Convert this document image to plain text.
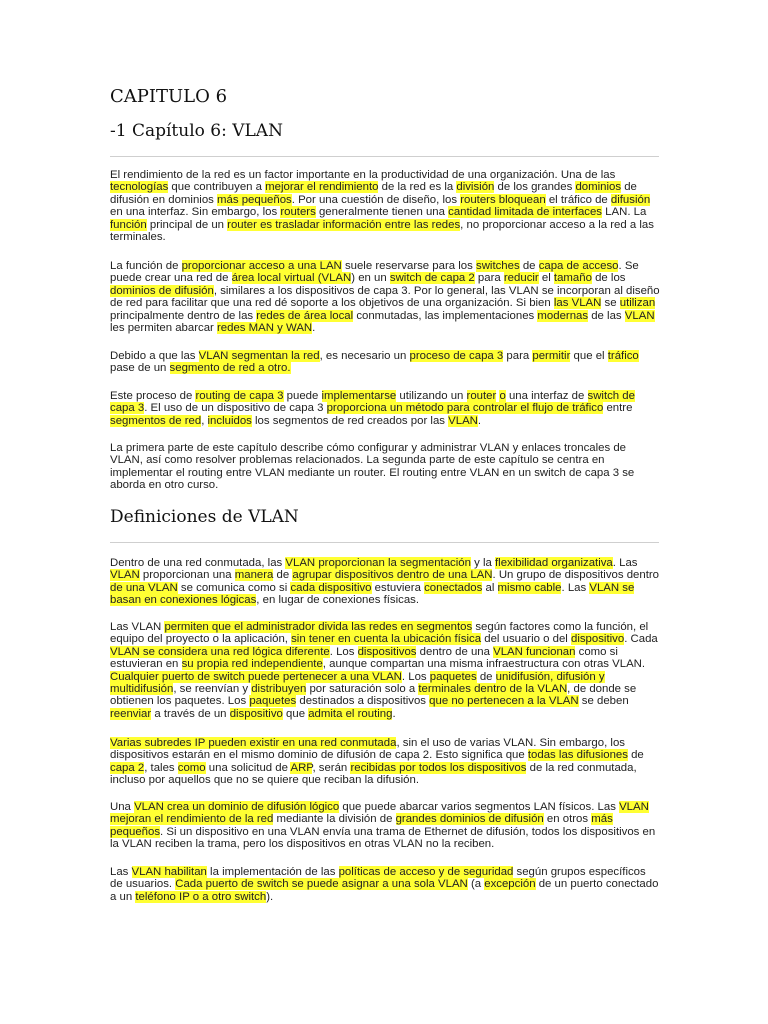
CAPITULO 6
-1 Capítulo 6: VLAN

El rendimiento de la red es un factor importante en la productividad de una organización. Una de las tecnologías que contribuyen a mejorar el rendimiento de la red es la división de los grandes dominios de difusión en dominios más pequeños. Por una cuestión de diseño, los routers bloquean el tráfico de difusión en una interfaz. Sin embargo, los routers generalmente tienen una cantidad limitada de interfaces LAN. La función principal de un router es trasladar información entre las redes, no proporcionar acceso a la red a las terminales.

La función de proporcionar acceso a una LAN suele reservarse para los switches de capa de acceso. Se puede crear una red de área local virtual (VLAN) en un switch de capa 2 para reducir el tamaño de los dominios de difusión, similares a los dispositivos de capa 3. Por lo general, las VLAN se incorporan al diseño de red para facilitar que una red dé soporte a los objetivos de una organización. Si bien las VLAN se utilizan principalmente dentro de las redes de área local conmutadas, las implementaciones modernas de las VLAN les permiten abarcar redes MAN y WAN.

Debido a que las VLAN segmentan la red, es necesario un proceso de capa 3 para permitir que el tráfico pase de un segmento de red a otro.

Este proceso de routing de capa 3 puede implementarse utilizando un router o una interfaz de switch de capa 3. El uso de un dispositivo de capa 3 proporciona un método para controlar el flujo de tráfico entre segmentos de red, incluidos los segmentos de red creados por las VLAN.

La primera parte de este capítulo describe cómo configurar y administrar VLAN y enlaces troncales de VLAN, así como resolver problemas relacionados. La segunda parte de este capítulo se centra en implementar el routing entre VLAN mediante un router. El routing entre VLAN en un switch de capa 3 se aborda en otro curso.

Definiciones de VLAN

Dentro de una red conmutada, las VLAN proporcionan la segmentación y la flexibilidad organizativa. Las VLAN proporcionan una manera de agrupar dispositivos dentro de una LAN. Un grupo de dispositivos dentro de una VLAN se comunica como si cada dispositivo estuviera conectados al mismo cable. Las VLAN se basan en conexiones lógicas, en lugar de conexiones físicas.

Las VLAN permiten que el administrador divida las redes en segmentos según factores como la función, el equipo del proyecto o la aplicación, sin tener en cuenta la ubicación física del usuario o del dispositivo. Cada VLAN se considera una red lógica diferente. Los dispositivos dentro de una VLAN funcionan como si estuvieran en su propia red independiente, aunque compartan una misma infraestructura con otras VLAN. Cualquier puerto de switch puede pertenecer a una VLAN. Los paquetes de unidifusión, difusión y multidifusión, se reenvían y distribuyen por saturación solo a terminales dentro de la VLAN, de donde se obtienen los paquetes. Los paquetes destinados a dispositivos que no pertenecen a la VLAN se deben reenviar a través de un dispositivo que admita el routing.

Varias subredes IP pueden existir en una red conmutada, sin el uso de varias VLAN. Sin embargo, los dispositivos estarán en el mismo dominio de difusión de capa 2. Esto significa que todas las difusiones de capa 2, tales como una solicitud de ARP, serán recibidas por todos los dispositivos de la red conmutada, incluso por aquellos que no se quiere que reciban la difusión.

Una VLAN crea un dominio de difusión lógico que puede abarcar varios segmentos LAN físicos. Las VLAN mejoran el rendimiento de la red mediante la división de grandes dominios de difusión en otros más pequeños. Si un dispositivo en una VLAN envía una trama de Ethernet de difusión, todos los dispositivos en la VLAN reciben la trama, pero los dispositivos en otras VLAN no la reciben.

Las VLAN habilitan la implementación de las políticas de acceso y de seguridad según grupos específicos de usuarios. Cada puerto de switch se puede asignar a una sola VLAN (a excepción de un puerto conectado a un teléfono IP o a otro switch).
